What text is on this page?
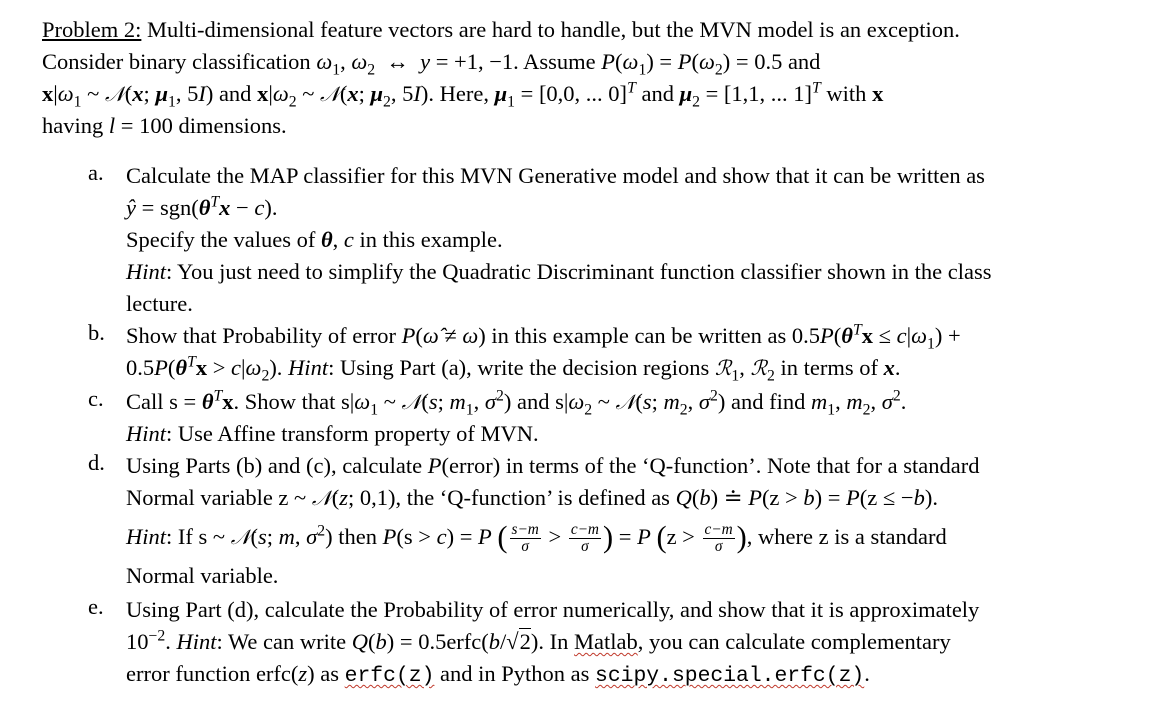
Problem 2: Multi-dimensional feature vectors are hard to handle, but the MVN model is an exception.
Consider binary classification $\omega_1$, $\omega_2$  ↔  y = +1, −1. Assume $P(\omega_1) = P(\omega_2) = 0.5$ and
$x|\omega_1$ ~ 𝒩(x; $\mu_1$, 5I) and $x|\omega_2$ ~ 𝒩(x; $\mu_2$, 5I). Here, $\mu_1 = [0,0$, ... 0]$^T$ and $\mu_2 = [1,1$, ... 1]$^T$ with x
having l = 100 dimensions.
a. Calculate the MAP classifier for this MVN Generative model and show that it can be written as
ŷ = $sgn(\theta^Tx - c)$.
Specify the values of θ, c in this example.
Hint: You just need to simplify the Quadratic Discriminant function classifier shown in the class
lecture.
b. Show that Probability of error P(ω̂ ≠ ω) in this example can be written as $0.5P(\theta^Tx \le c|\omega_1)$ +
$0.5P(\theta^Tx > c|\omega_2)$. Hint: Using Part (a), write the decision regions ℛ$_1$, ℛ$_2$ in terms of x.
c. Call $s = \theta^Tx$. Show that $s|\omega_1$ ~ 𝒩(s; $m_1$, $\sigma^2$) and $s|\omega_2$ ~ 𝒩(s; $m_2$, $\sigma^2$) and find $m_1$, $m_2$, $\sigma^2$.
Hint: Use Affine transform property of MVN.
d. Using Parts (b) and (c), calculate P(error) in terms of the ‘Q-function’. Note that for a standard
Normal variable z ~ 𝒩(z; 0,1), the ‘Q-function’ is defined as Q(b) ≐ P(z > b) = P(z ≤ −b).
Hint: If s ~ 𝒩(s; m, $\sigma^2$) then P(s > c) = P ( $\frac{s-m}{\sigma} > \frac{c-m}{\sigma}$ ) = P ($z > \frac{c-m}{\sigma}$ ), where z is a standard
Normal variable.
e. Using Part (d), calculate the Probability of error numerically, and show that it is approximately
$10^{-2}$. Hint: We can write Q(b) = 0.5erfc(b/√2). In Matlab, you can calculate complementary
error function erfc(z) as erfc(z) and in Python as scipy.special.erfc(z).
